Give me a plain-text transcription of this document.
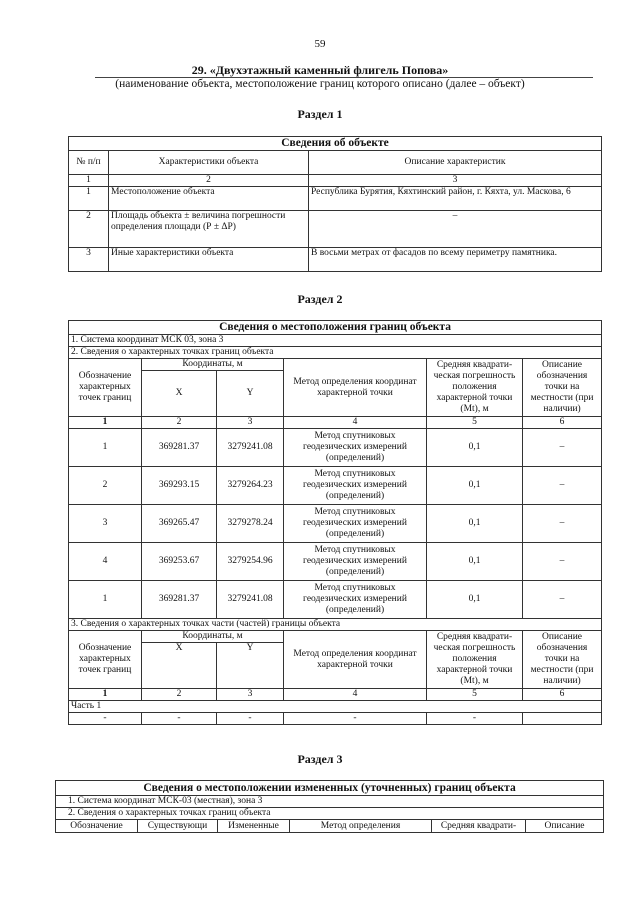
59
29. «Двухэтажный каменный флигель Попова»
(наименование объекта, местоположение границ которого описано (далее – объект)
Раздел 1
Сведения об объекте		
№ п/п	Характеристики объекта	Описание характеристик
1	2	3
1	Местоположение объекта	Республика Бурятия, Кяхтинский район, г. Кяхта, ул. Маскова, 6
2	Площадь объекта ± величина погрешности определения площади (Р ± ΔР)	–
3	Иные характеристики объекта	В восьми метрах от фасадов по всему периметру памятника.
Раздел 2
Сведения о местоположения границ объекта					
1. Система координат МСК 03, зона 3					
2. Сведения о характерных точках границ объекта					
Обозначение характерных точек границ	Координаты, м		Метод определения координат характерной точки	Средняя квадрати-ческая погрешность положения характерной точки (Mt), м	Описание обозначения точки на местности (при наличии)
	X	Y			
1	2	3	4	5	6
1	369281.37	3279241.08	Метод спутниковых геодезических измерений (определений)	0,1	–
2	369293.15	3279264.23	Метод спутниковых геодезических измерений (определений)	0,1	–
3	369265.47	3279278.24	Метод спутниковых геодезических измерений (определений)	0,1	–
4	369253.67	3279254.96	Метод спутниковых геодезических измерений (определений)	0,1	–
1	369281.37	3279241.08	Метод спутниковых геодезических измерений (определений)	0,1	–
3. Сведения о характерных точках части (частей) границы объекта					
Обозначение характерных точек границ	Координаты, м		Метод определения координат характерной точки	Средняя квадрати-ческая погрешность положения характерной точки (Mt), м	Описание обозначения точки на местности (при наличии)
	X	Y			
1	2	3	4	5	6
Часть 1					
-	-	-	-	-	
Раздел 3
Сведения о местоположении измененных (уточненных) границ объекта
1. Система координат МСК-03 (местная), зона 3
2. Сведения о характерных точках границ объекта
Обозначение	Существующи	Измененные	Метод определения	Средняя квадрати-	Описание
